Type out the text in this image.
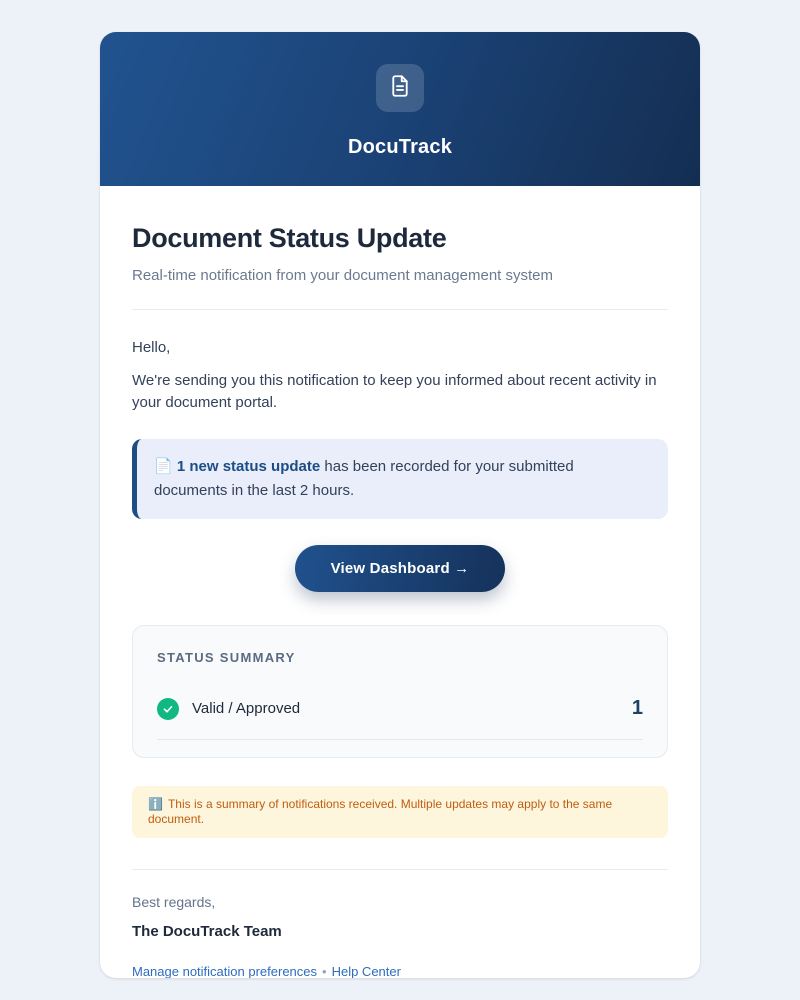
DocuTrack
Document Status Update
Real-time notification from your document management system

Hello,

We're sending you this notification to keep you informed about recent activity in your document portal.

📄 1 new status update has been recorded for your submitted documents in the last 2 hours.
View Dashboard →
STATUS SUMMARY
Valid / Approved	1
ℹ️ This is a summary of notifications received. Multiple updates may apply to the same document.

Best regards,

The DocuTrack Team

Manage notification preferences • Help Center
